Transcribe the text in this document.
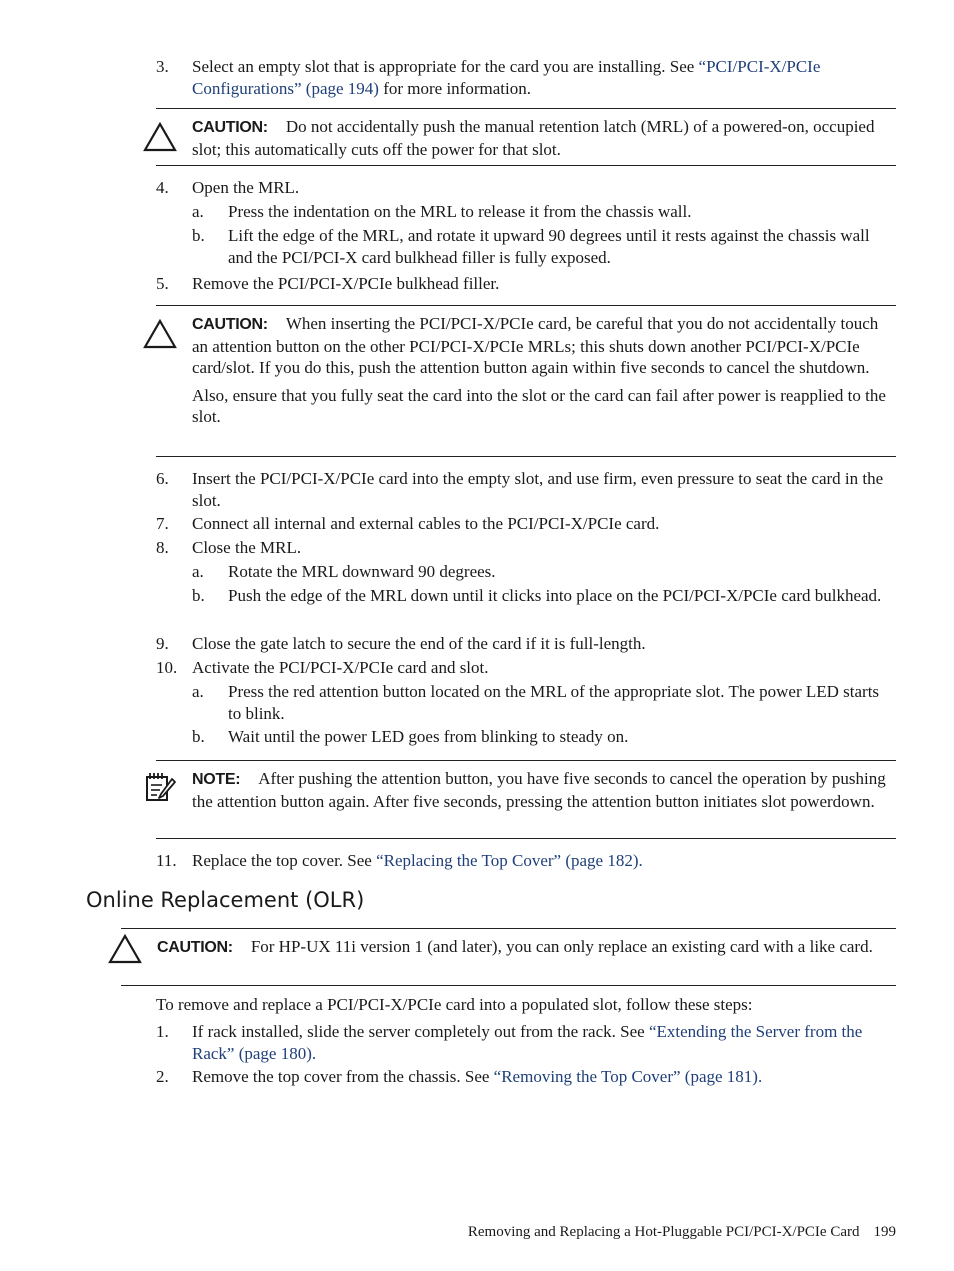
3.	Select an empty slot that is appropriate for the card you are installing. See “PCI/PCI-X/PCIe Configurations” (page 194) for more information.
CAUTION: Do not accidentally push the manual retention latch (MRL) of a powered-on, occupied slot; this automatically cuts off the power for that slot.
4.	Open the MRL.
a.	Press the indentation on the MRL to release it from the chassis wall.
b.	Lift the edge of the MRL, and rotate it upward 90 degrees until it rests against the chassis wall and the PCI/PCI-X card bulkhead filler is fully exposed.
5.	Remove the PCI/PCI-X/PCIe bulkhead filler.
CAUTION: When inserting the PCI/PCI-X/PCIe card, be careful that you do not accidentally touch an attention button on the other PCI/PCI-X/PCIe MRLs; this shuts down another PCI/PCI-X/PCIe card/slot. If you do this, push the attention button again within five seconds to cancel the shutdown.
Also, ensure that you fully seat the card into the slot or the card can fail after power is reapplied to the slot.
6.	Insert the PCI/PCI-X/PCIe card into the empty slot, and use firm, even pressure to seat the card in the slot.
7.	Connect all internal and external cables to the PCI/PCI-X/PCIe card.
8.	Close the MRL.
a.	Rotate the MRL downward 90 degrees.
b.	Push the edge of the MRL down until it clicks into place on the PCI/PCI-X/PCIe card bulkhead.
9.	Close the gate latch to secure the end of the card if it is full-length.
10. Activate the PCI/PCI-X/PCIe card and slot.
a.	Press the red attention button located on the MRL of the appropriate slot. The power LED starts to blink.
b.	Wait until the power LED goes from blinking to steady on.
NOTE: After pushing the attention button, you have five seconds to cancel the operation by pushing the attention button again. After five seconds, pressing the attention button initiates slot powerdown.
11. Replace the top cover. See “Replacing the Top Cover” (page 182).
Online Replacement (OLR)
CAUTION: For HP-UX 11i version 1 (and later), you can only replace an existing card with a like card.
To remove and replace a PCI/PCI-X/PCIe card into a populated slot, follow these steps:
1.	If rack installed, slide the server completely out from the rack. See “Extending the Server from the Rack” (page 180).
2.	Remove the top cover from the chassis. See “Removing the Top Cover” (page 181).
Removing and Replacing a Hot-Pluggable PCI/PCI-X/PCIe Card 199
